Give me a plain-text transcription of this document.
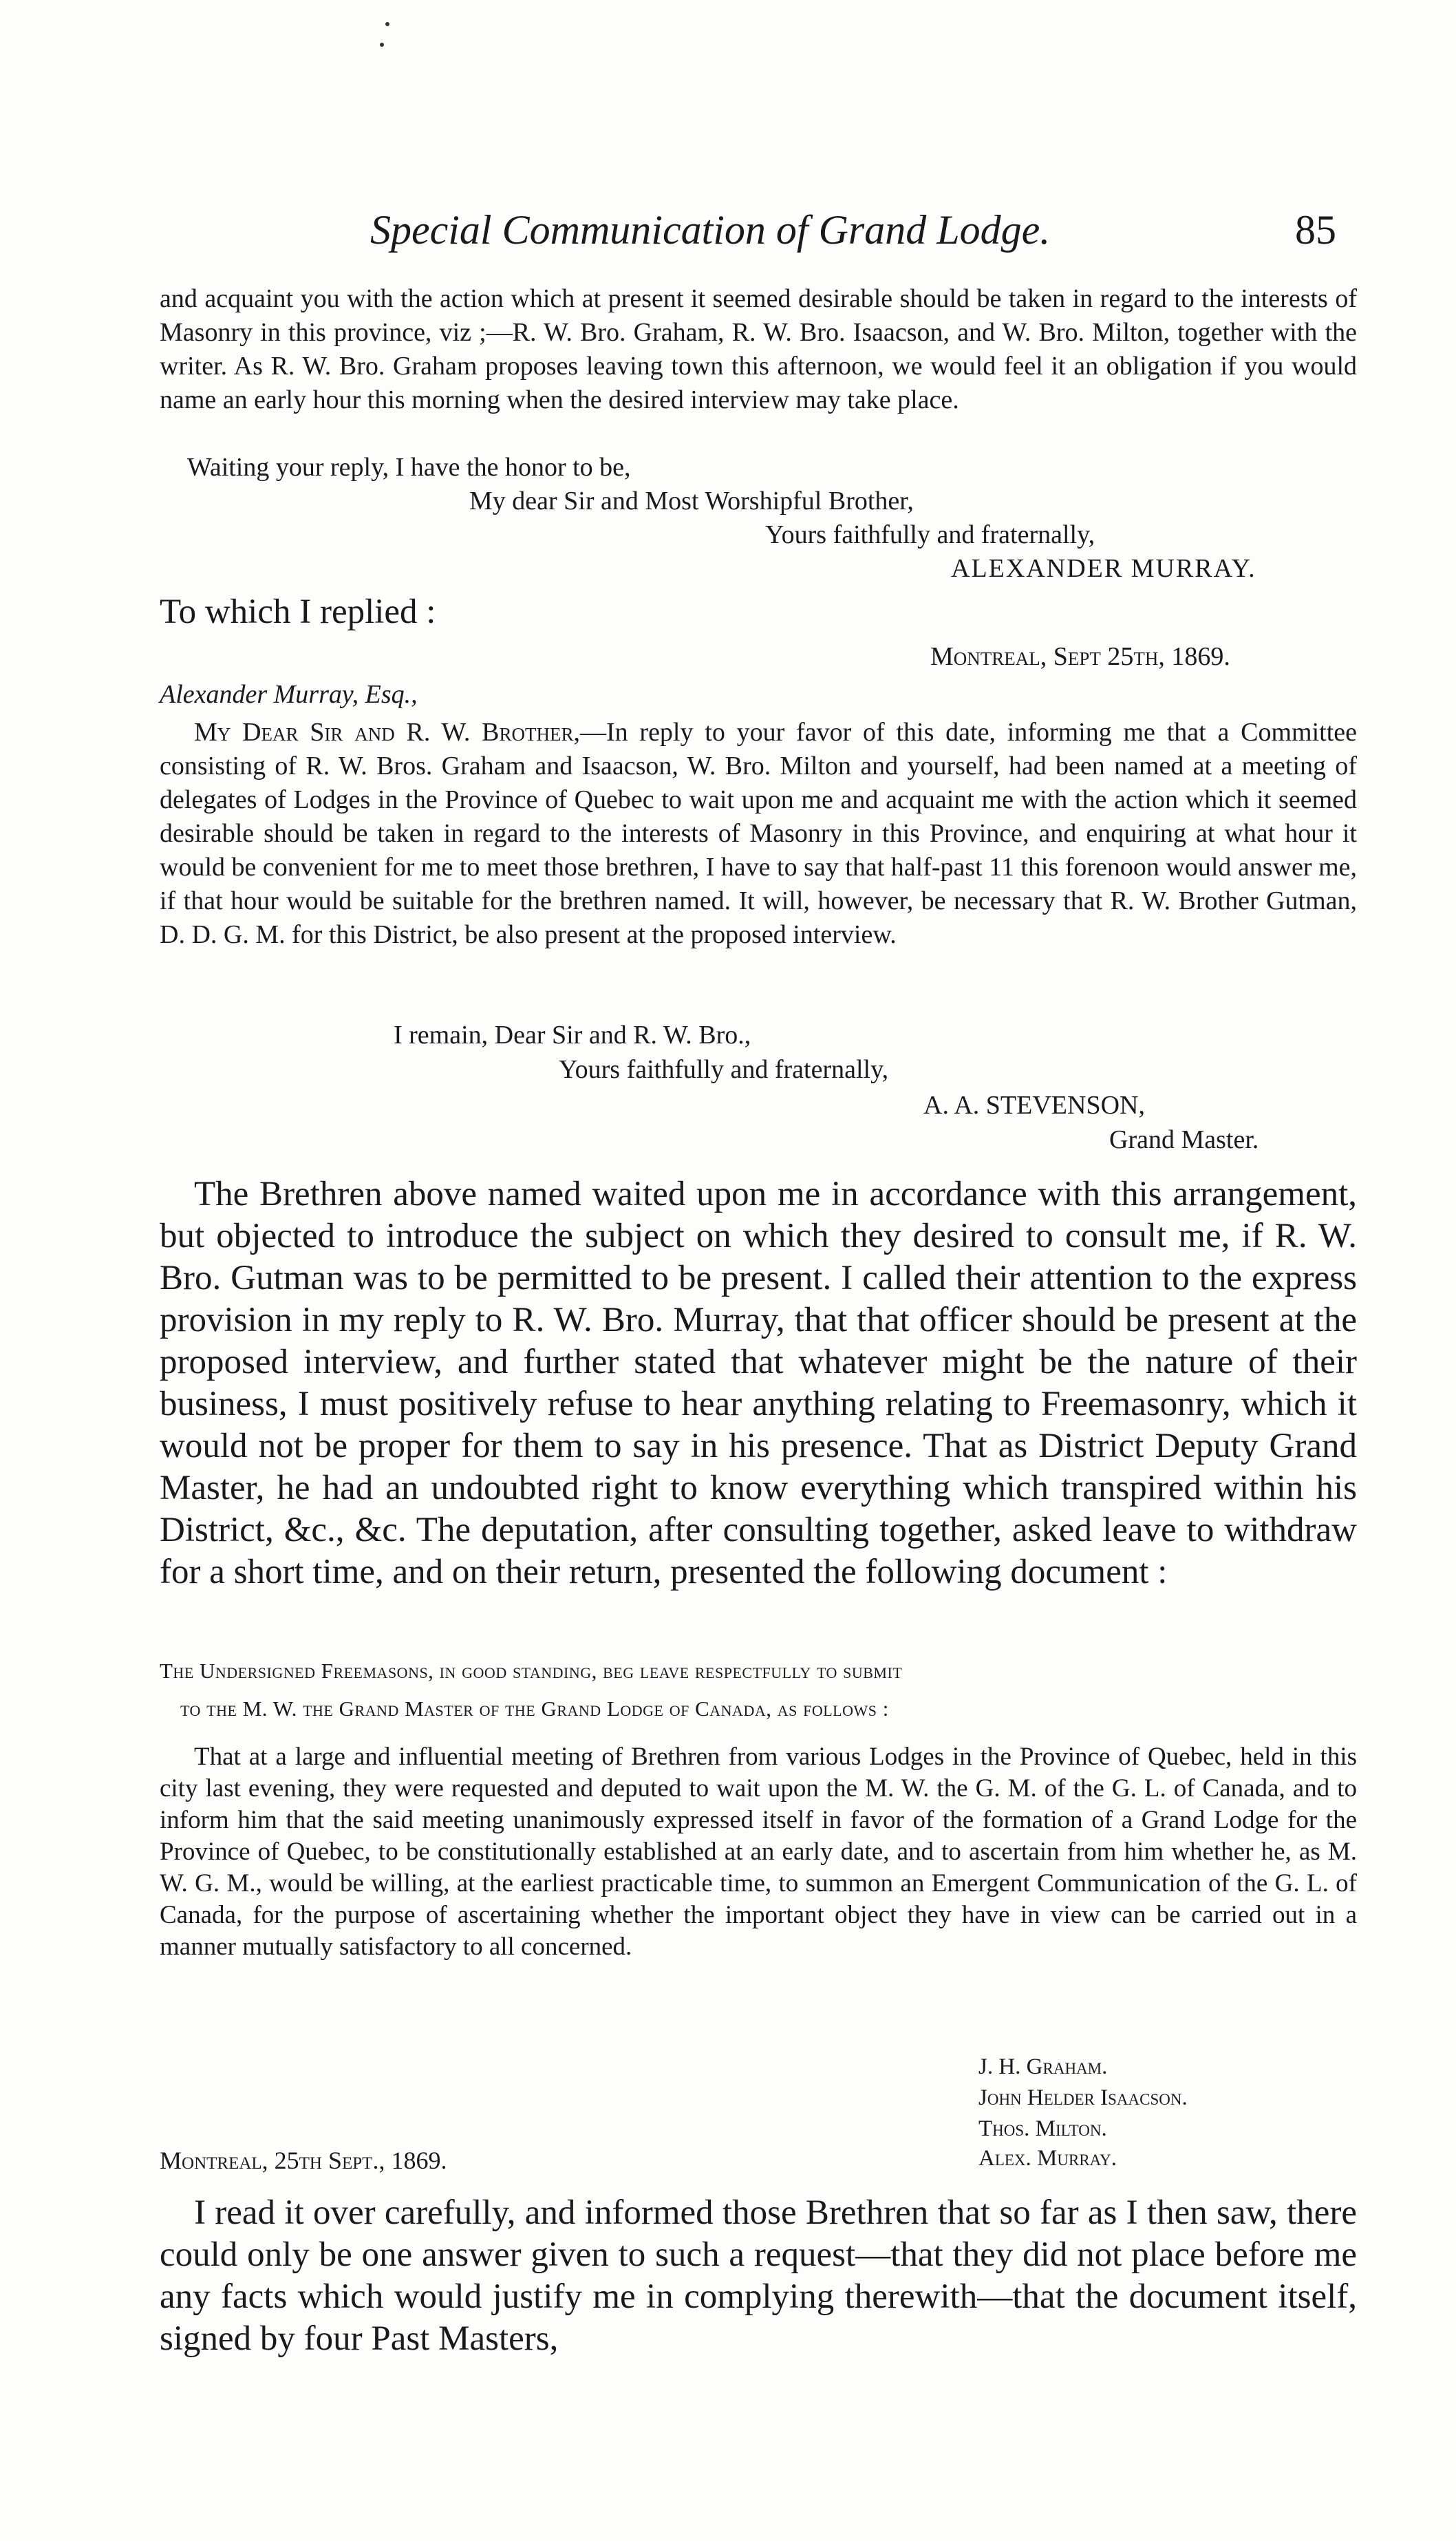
Special Communication of Grand Lodge.	85
and acquaint you with the action which at present it seemed desirable should be taken in regard to the interests of Masonry in this province, viz ;—R. W. Bro. Graham, R. W. Bro. Isaacson, and W. Bro. Milton, together with the writer. As R. W. Bro. Graham proposes leaving town this afternoon, we would feel it an obligation if you would name an early hour this morning when the desired interview may take place.
Waiting your reply, I have the honor to be,
My dear Sir and Most Worshipful Brother,
Yours faithfully and fraternally,
ALEXANDER MURRAY.
To which I replied :
Montreal, Sept 25th, 1869.
Alexander Murray, Esq.,
My Dear Sir and R. W. Brother,—In reply to your favor of this date, informing me that a Committee consisting of R. W. Bros. Graham and Isaacson, W. Bro. Milton and yourself, had been named at a meeting of delegates of Lodges in the Province of Quebec to wait upon me and acquaint me with the action which it seemed desirable should be taken in regard to the interests of Masonry in this Province, and enquiring at what hour it would be convenient for me to meet those brethren, I have to say that half-past 11 this forenoon would answer me, if that hour would be suitable for the brethren named. It will, however, be necessary that R. W. Brother Gutman, D. D. G. M. for this District, be also present at the proposed interview.
I remain, Dear Sir and R. W. Bro.,
Yours faithfully and fraternally,
A. A. STEVENSON,
Grand Master.
The Brethren above named waited upon me in accordance with this arrangement, but objected to introduce the subject on which they desired to consult me, if R. W. Bro. Gutman was to be permitted to be present. I called their attention to the express provision in my reply to R. W. Bro. Murray, that that officer should be present at the proposed interview, and further stated that whatever might be the nature of their business, I must positively refuse to hear anything relating to Freemasonry, which it would not be proper for them to say in his presence. That as District Deputy Grand Master, he had an undoubted right to know everything which transpired within his District, &c., &c. The deputation, after consulting together, asked leave to withdraw for a short time, and on their return, presented the following document :
The Undersigned Freemasons, in good standing, beg leave respectfully to submit
to the M. W. the Grand Master of the Grand Lodge of Canada, as follows :
That at a large and influential meeting of Brethren from various Lodges in the Province of Quebec, held in this city last evening, they were requested and deputed to wait upon the M. W. the G. M. of the G. L. of Canada, and to inform him that the said meeting unanimously expressed itself in favor of the formation of a Grand Lodge for the Province of Quebec, to be constitutionally established at an early date, and to ascertain from him whether he, as M. W. G. M., would be willing, at the earliest practicable time, to summon an Emergent Communication of the G. L. of Canada, for the purpose of ascertaining whether the important object they have in view can be carried out in a manner mutually satisfactory to all concerned.
J. H. Graham.
John Helder Isaacson.
Thos. Milton.
Alex. Murray.
Montreal, 25th Sept., 1869.
I read it over carefully, and informed those Brethren that so far as I then saw, there could only be one answer given to such a request—that they did not place before me any facts which would justify me in complying therewith—that the document itself, signed by four Past Masters,
